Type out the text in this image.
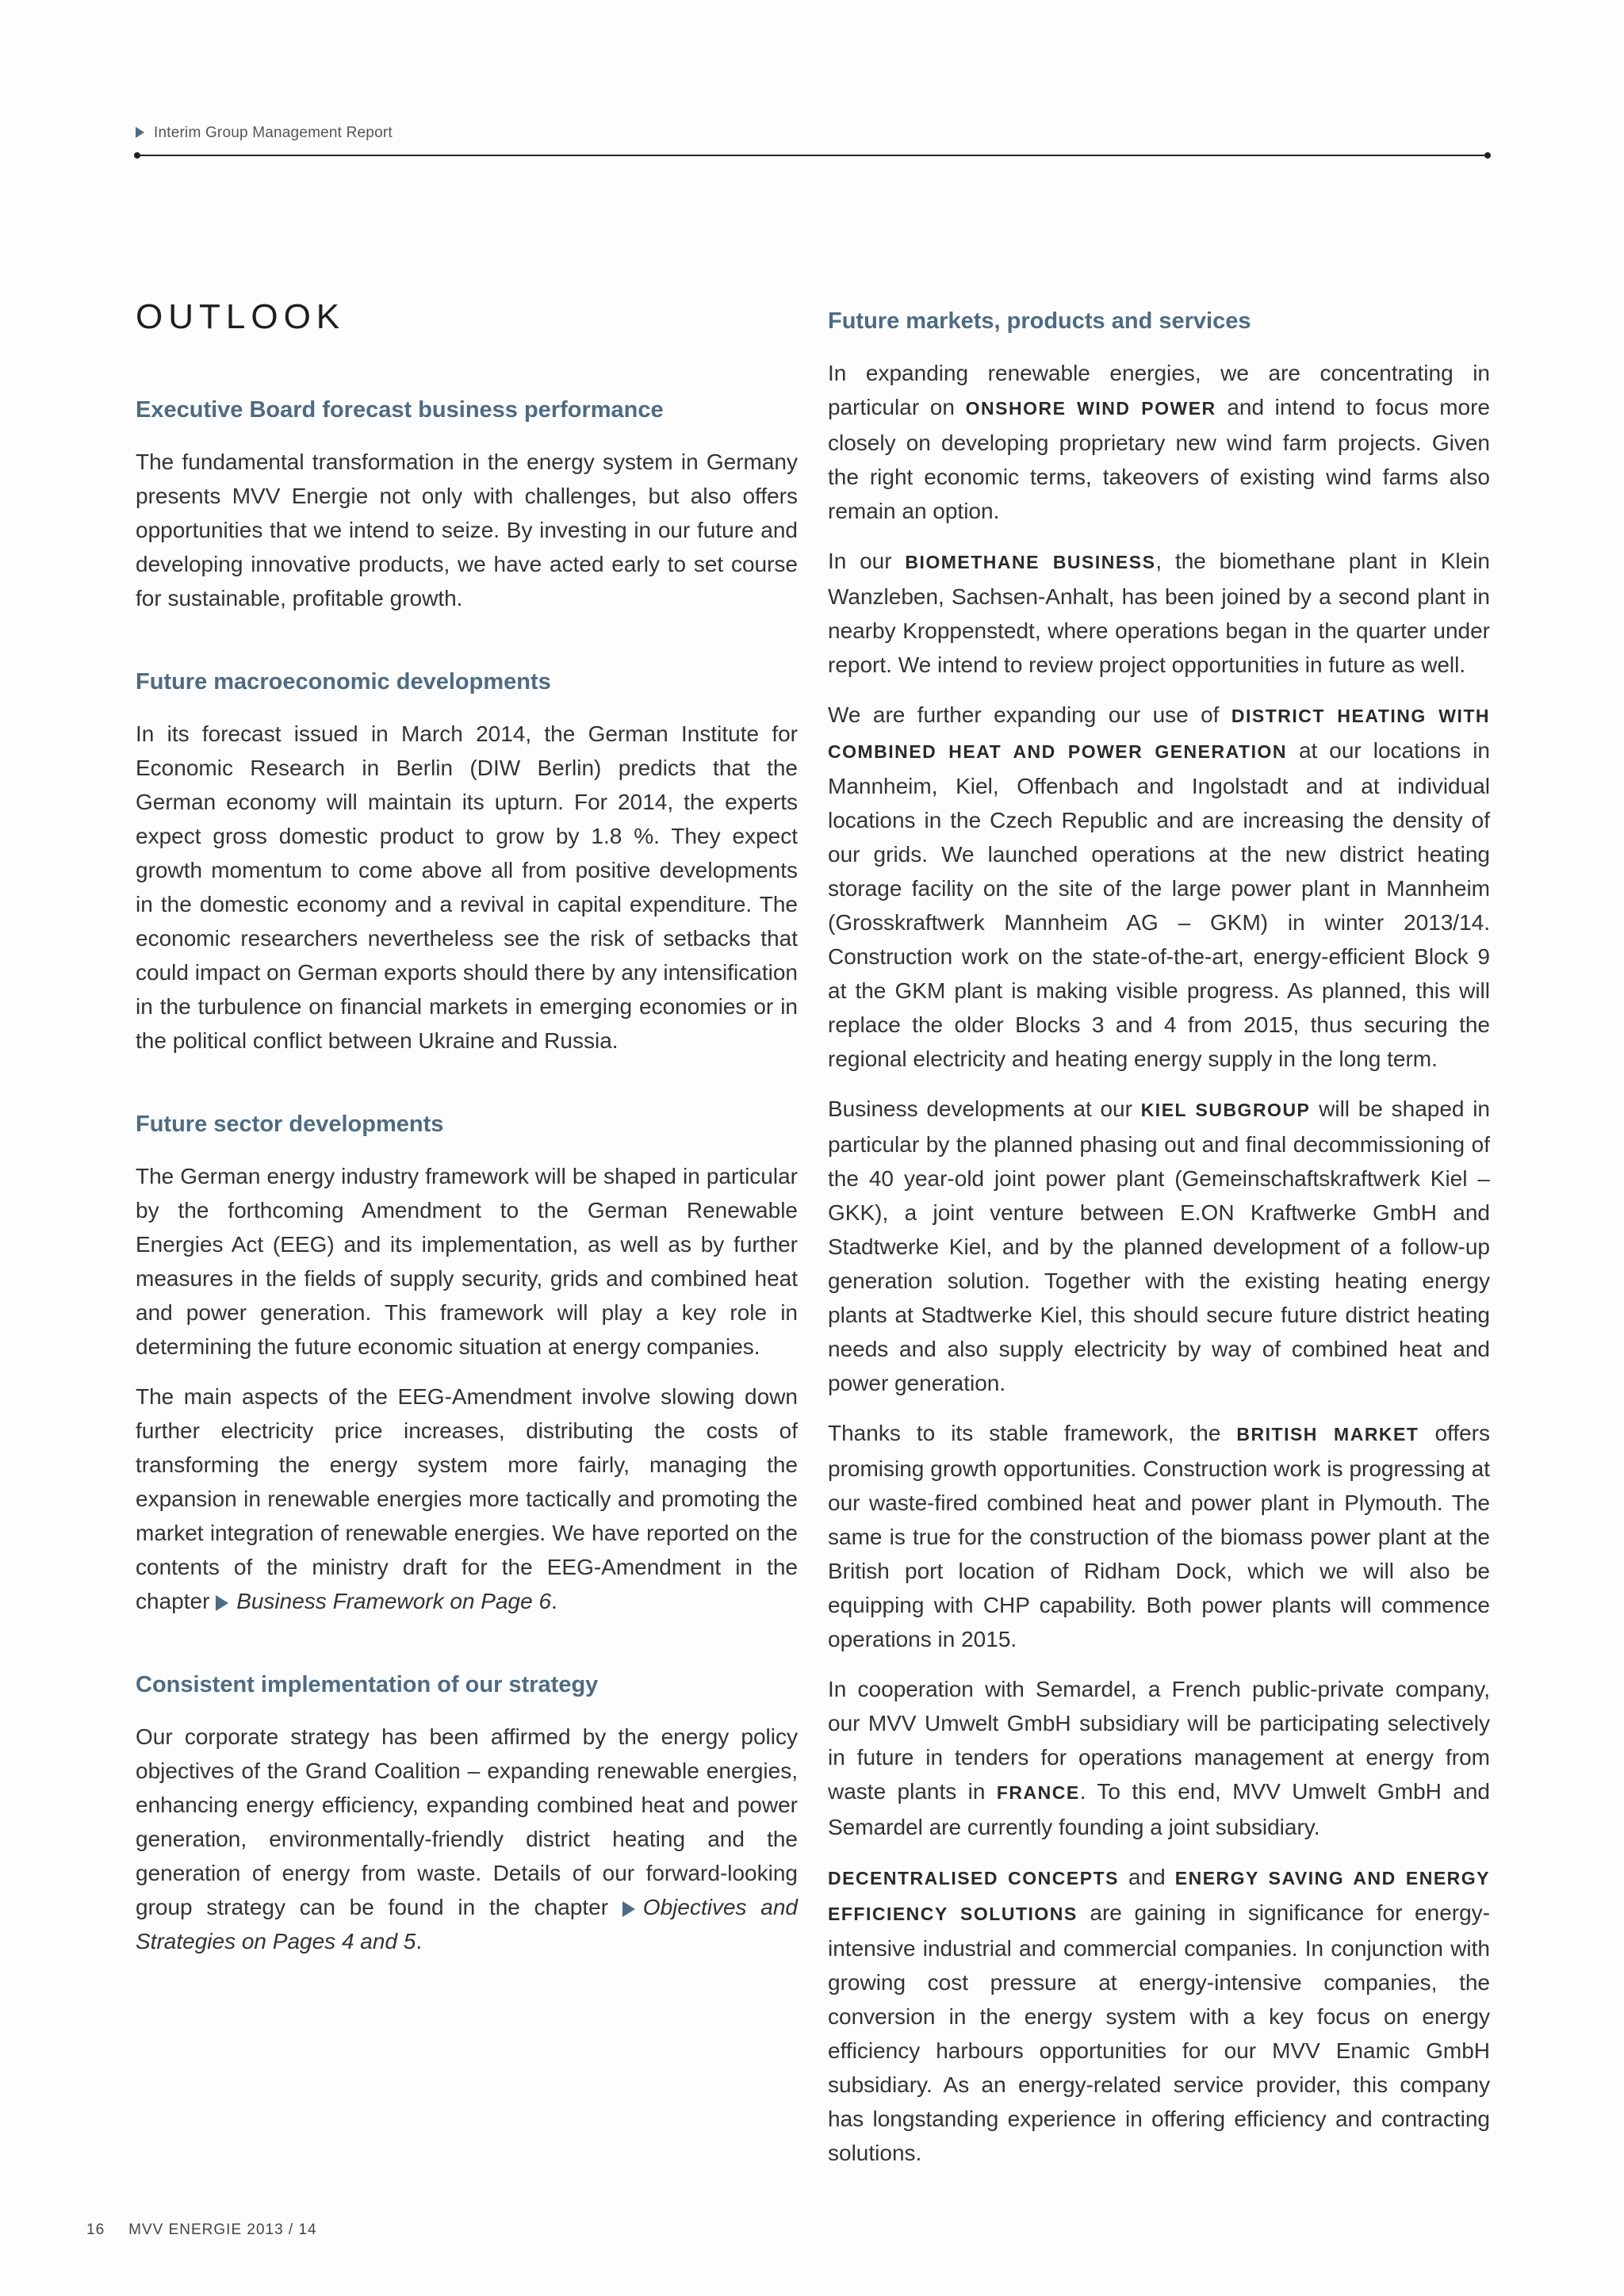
Interim Group Management Report
OUTLOOK
Executive Board forecast business performance

The fundamental transformation in the energy system in Germany presents MVV Energie not only with challenges, but also offers opportunities that we intend to seize. By investing in our future and developing innovative products, we have acted early to set course for sustainable, profitable growth.

Future macroeconomic developments

In its forecast issued in March 2014, the German Institute for Economic Research in Berlin (DIW Berlin) predicts that the German economy will maintain its upturn. For 2014, the experts expect gross domestic product to grow by 1.8 %. They expect growth momentum to come above all from positive developments in the domestic economy and a revival in capital expenditure. The economic researchers nevertheless see the risk of setbacks that could impact on German exports should there by any intensification in the turbulence on financial markets in emerging economies or in the political conflict between Ukraine and Russia.

Future sector developments

The German energy industry framework will be shaped in particular by the forthcoming Amendment to the German Renewable Energies Act (EEG) and its implementation, as well as by further measures in the fields of supply security, grids and combined heat and power generation. This framework will play a key role in determining the future economic situation at energy companies.

The main aspects of the EEG-Amendment involve slowing down further electricity price increases, distributing the costs of transforming the energy system more fairly, managing the expansion in renewable energies more tactically and promoting the market integration of renewable energies. We have reported on the contents of the ministry draft for the EEG-Amendment in the chapter Business Framework on Page 6.

Consistent implementation of our strategy

Our corporate strategy has been affirmed by the energy policy objectives of the Grand Coalition – expanding renewable energies, enhancing energy efficiency, expanding combined heat and power generation, environmentally-friendly district heating and the generation of energy from waste. Details of our forward-looking group strategy can be found in the chapter Objectives and Strategies on Pages 4 and 5.

Future markets, products and services

In expanding renewable energies, we are concentrating in particular on ONSHORE WIND POWER and intend to focus more closely on developing proprietary new wind farm projects. Given the right economic terms, takeovers of existing wind farms also remain an option.

In our BIOMETHANE BUSINESS, the biomethane plant in Klein Wanzleben, Sachsen-Anhalt, has been joined by a second plant in nearby Kroppenstedt, where operations began in the quarter under report. We intend to review project opportunities in future as well.

We are further expanding our use of DISTRICT HEATING WITH COMBINED HEAT AND POWER GENERATION at our locations in Mannheim, Kiel, Offenbach and Ingolstadt and at individual locations in the Czech Republic and are increasing the density of our grids. We launched operations at the new district heating storage facility on the site of the large power plant in Mannheim (Grosskraftwerk Mannheim AG – GKM) in winter 2013/14. Construction work on the state-of-the-art, energy-efficient Block 9 at the GKM plant is making visible progress. As planned, this will replace the older Blocks 3 and 4 from 2015, thus securing the regional electricity and heating energy supply in the long term.

Business developments at our KIEL SUBGROUP will be shaped in particular by the planned phasing out and final decommissioning of the 40 year-old joint power plant (Gemeinschaftskraftwerk Kiel – GKK), a joint venture between E.ON Kraftwerke GmbH and Stadtwerke Kiel, and by the planned development of a follow-up generation solution. Together with the existing heating energy plants at Stadtwerke Kiel, this should secure future district heating needs and also supply electricity by way of combined heat and power generation.

Thanks to its stable framework, the BRITISH MARKET offers promising growth opportunities. Construction work is progressing at our waste-fired combined heat and power plant in Plymouth. The same is true for the construction of the biomass power plant at the British port location of Ridham Dock, which we will also be equipping with CHP capability. Both power plants will commence operations in 2015.

In cooperation with Semardel, a French public-private company, our MVV Umwelt GmbH subsidiary will be participating selectively in future in tenders for operations management at energy from waste plants in FRANCE. To this end, MVV Umwelt GmbH and Semardel are currently founding a joint subsidiary.

DECENTRALISED CONCEPTS and ENERGY SAVING AND ENERGY EFFICIENCY SOLUTIONS are gaining in significance for energy-intensive industrial and commercial companies. In conjunction with growing cost pressure at energy-intensive companies, the conversion in the energy system with a key focus on energy efficiency harbours opportunities for our MVV Enamic GmbH subsidiary. As an energy-related service provider, this company has longstanding experience in offering efficiency and contracting solutions.

16 MVV ENERGIE 2013 / 14
